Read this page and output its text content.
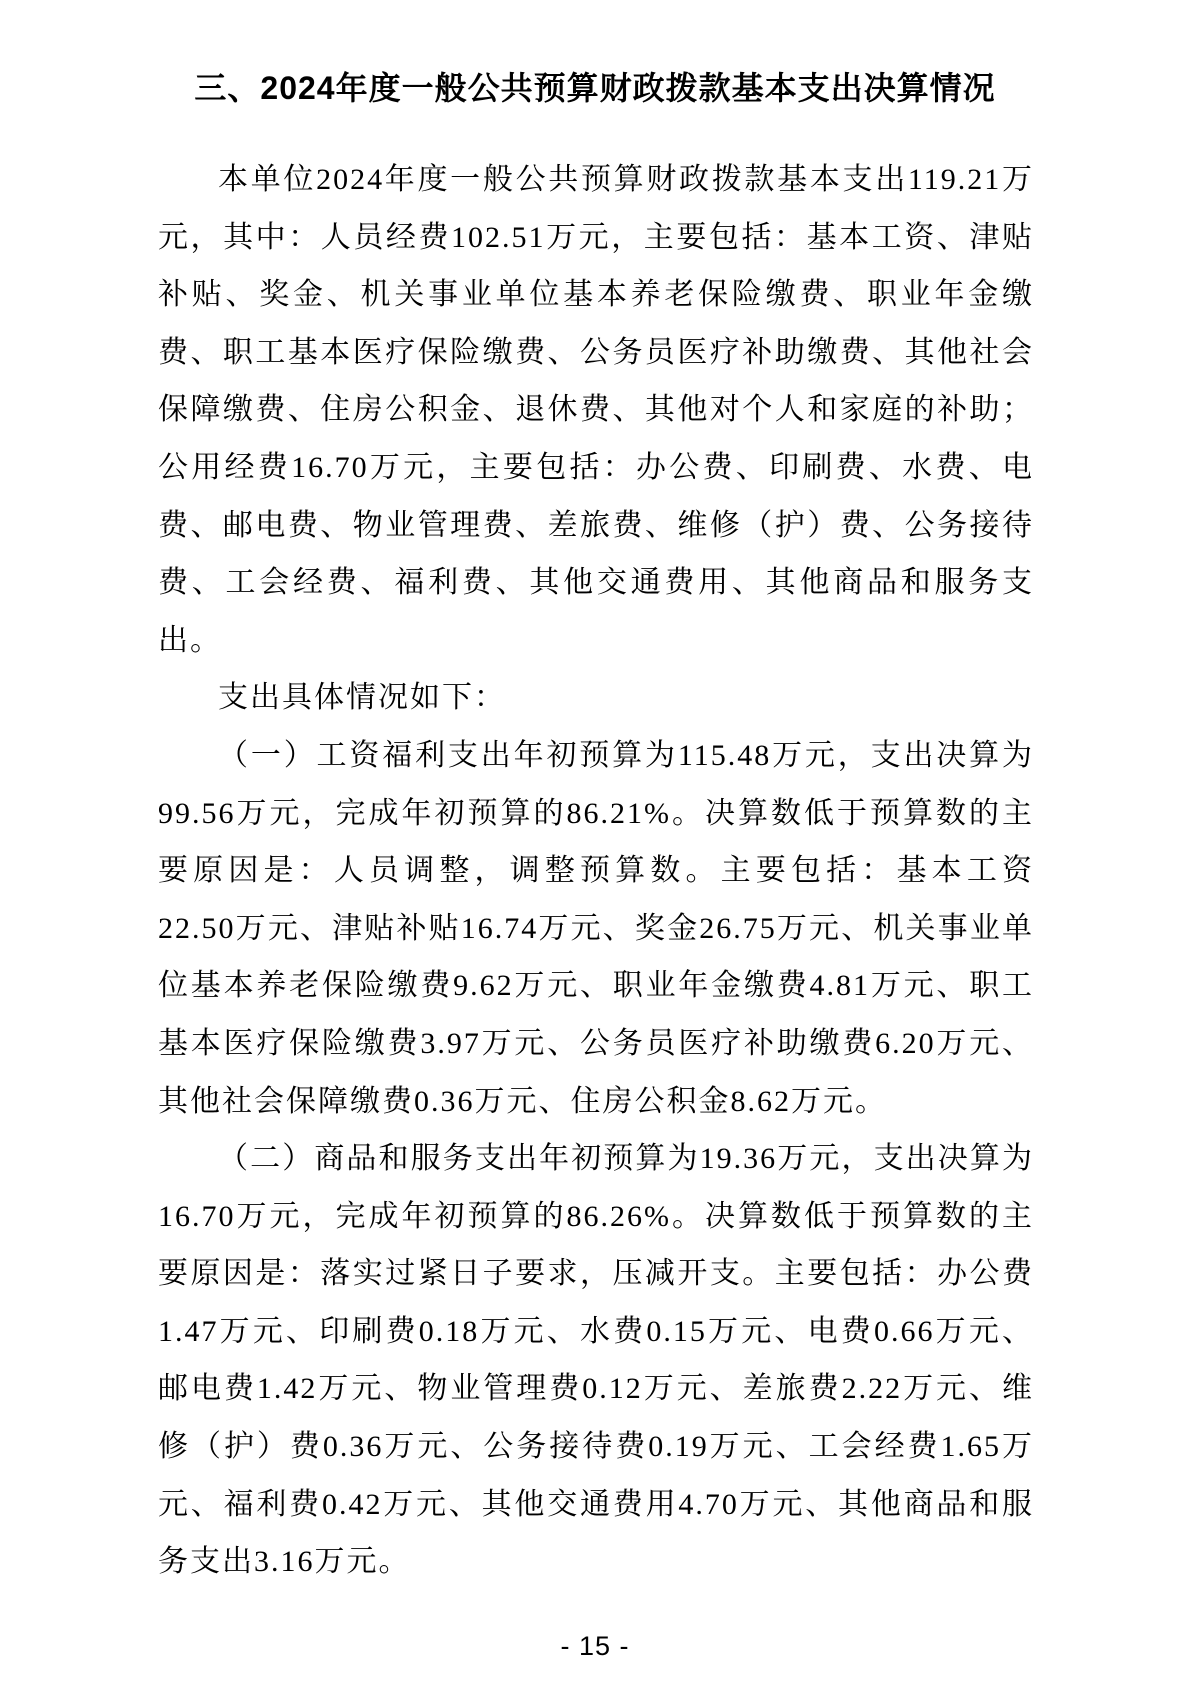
三、2024年度一般公共预算财政拨款基本支出决算情况

本单位2024年度一般公共预算财政拨款基本支出119.21万元，其中：人员经费102.51万元，主要包括：基本工资、津贴补贴、奖金、机关事业单位基本养老保险缴费、职业年金缴费、职工基本医疗保险缴费、公务员医疗补助缴费、其他社会保障缴费、住房公积金、退休费、其他对个人和家庭的补助；公用经费16.70万元，主要包括：办公费、印刷费、水费、电费、邮电费、物业管理费、差旅费、维修（护）费、公务接待费、工会经费、福利费、其他交通费用、其他商品和服务支出。

支出具体情况如下：

（一）工资福利支出年初预算为115.48万元，支出决算为99.56万元，完成年初预算的86.21%。决算数低于预算数的主要原因是：人员调整，调整预算数。主要包括：基本工资22.50万元、津贴补贴16.74万元、奖金26.75万元、机关事业单位基本养老保险缴费9.62万元、职业年金缴费4.81万元、职工基本医疗保险缴费3.97万元、公务员医疗补助缴费6.20万元、其他社会保障缴费0.36万元、住房公积金8.62万元。

（二）商品和服务支出年初预算为19.36万元，支出决算为16.70万元，完成年初预算的86.26%。决算数低于预算数的主要原因是：落实过紧日子要求，压减开支。主要包括：办公费1.47万元、印刷费0.18万元、水费0.15万元、电费0.66万元、邮电费1.42万元、物业管理费0.12万元、差旅费2.22万元、维修（护）费0.36万元、公务接待费0.19万元、工会经费1.65万元、福利费0.42万元、其他交通费用4.70万元、其他商品和服务支出3.16万元。

- 15 -
